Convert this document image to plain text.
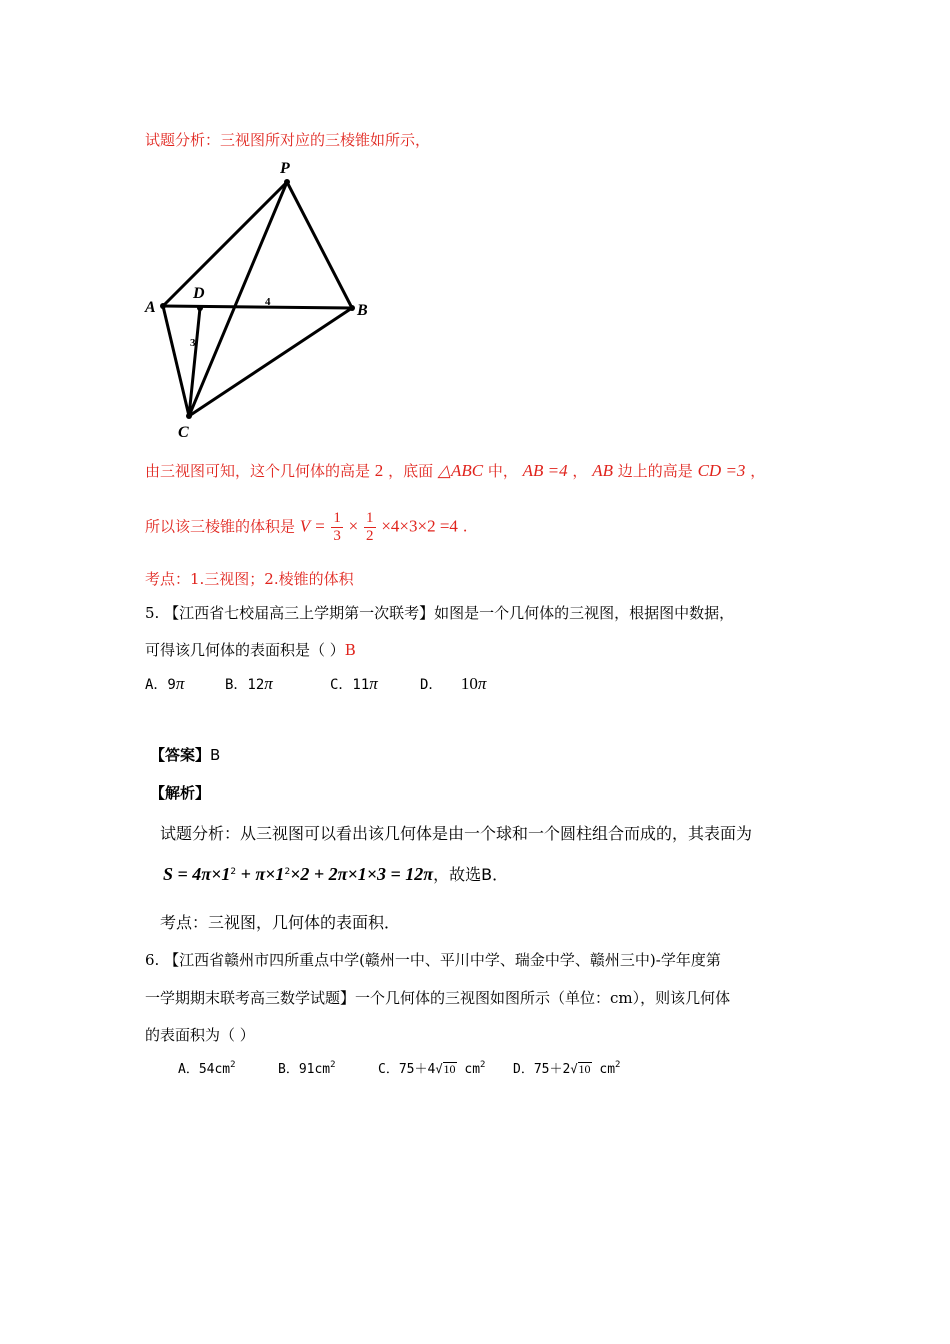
试题分析：三视图所对应的三棱锥如所示，
P
A	B
C
D	4
3
由三视图可知，这个几何体的高是 2 ，底面 △ABC 中， AB =4 ， AB 边上的高是 CD =3 ，
所以该三棱锥的体积是 $V = \frac{1}{3} \times \frac{1}{2} \times 4\times 3\times 2 =4$ .
考点：1.三视图；2.棱锥的体积
5. 【江西省七校届高三上学期第一次联考】如图是一个几何体的三视图，根据图中数据，
可得该几何体的表面积是（ ）B
A．9π	B．12π	C．11π	D． 10π
【答案】B
【解析】
试题分析：从三视图可以看出该几何体是由一个球和一个圆柱组合而成的，其表面为
$S = 4\pi\times 1^2 + \pi\times 1^2\times 2 + 2\pi\times 1\times 3 = 12\pi$，故选B．
考点：三视图，几何体的表面积．
6. 【江西省赣州市四所重点中学(赣州一中、平川中学、瑞金中学、赣州三中)-学年度第
一学期期末联考高三数学试题】一个几何体的三视图如图所示（单位：cm），则该几何体
的表面积为（ ）
A．$54cm^2$	B．$91cm^2$	C．75＋4√10 $cm^2$ D．75＋2√10 $cm^2$
